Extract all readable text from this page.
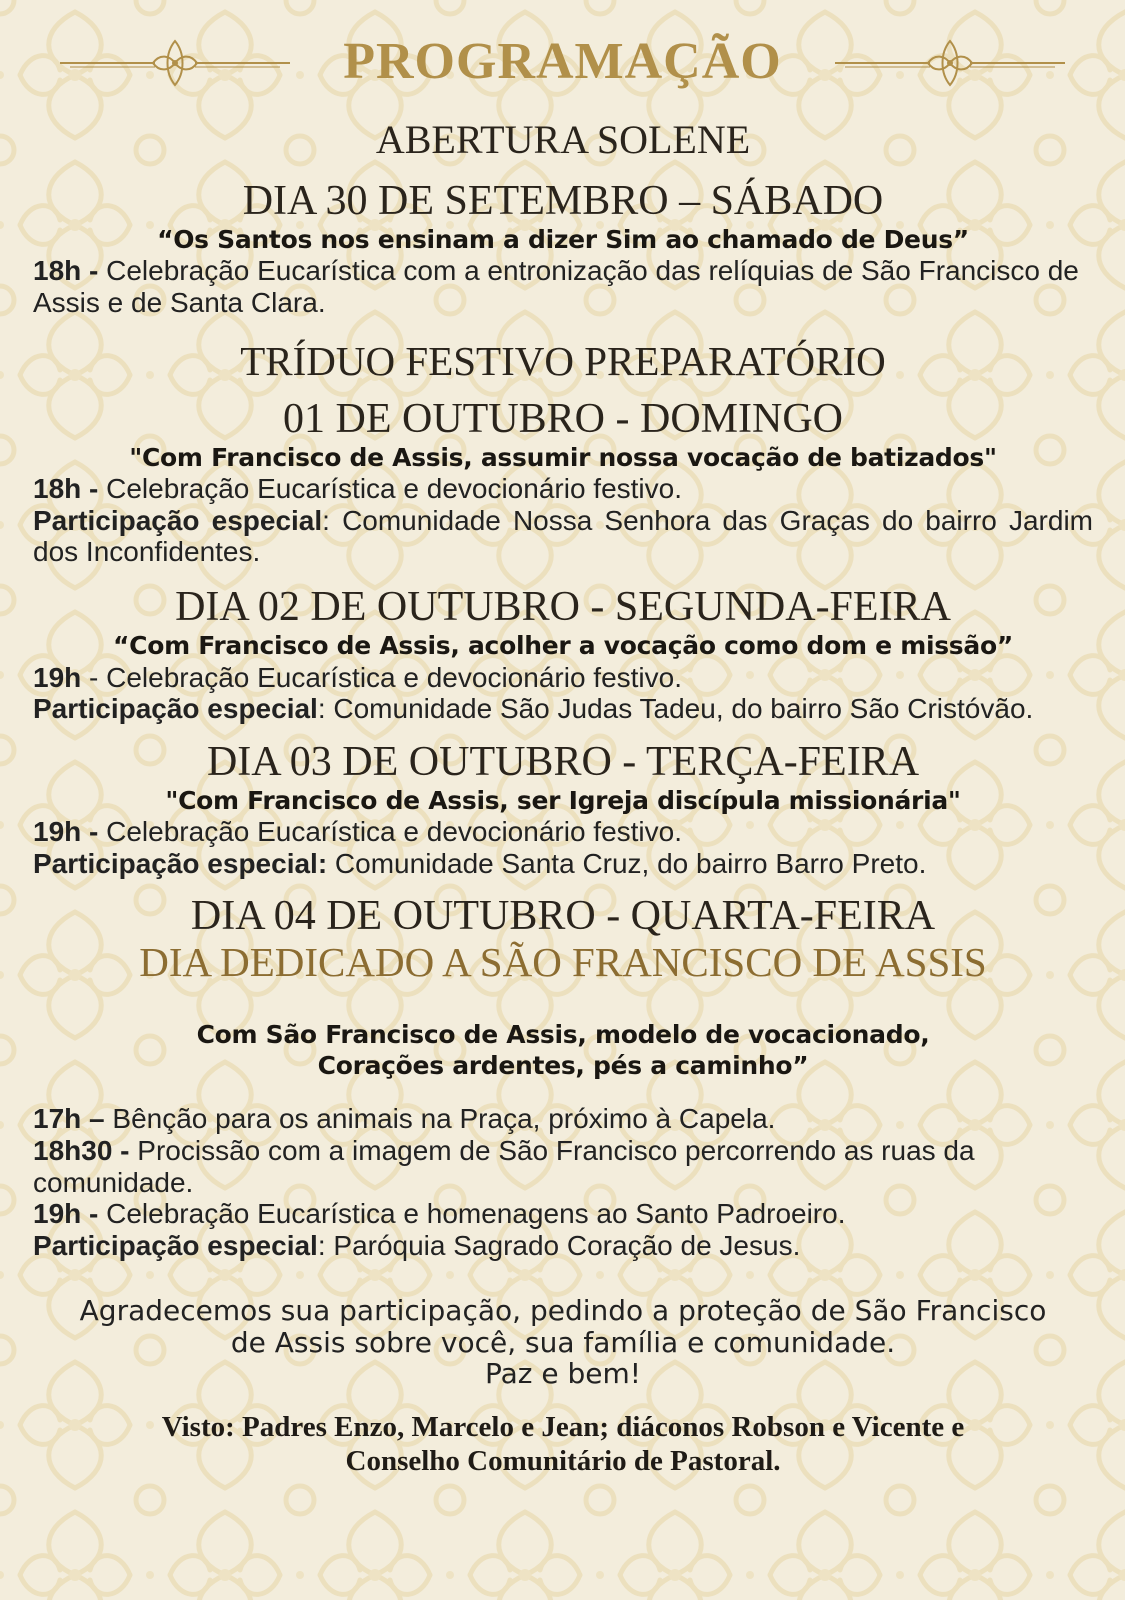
PROGRAMAÇÃO

ABERTURA SOLENE

DIA 30 DE SETEMBRO – SÁBADO

“Os Santos nos ensinam a dizer Sim ao chamado de Deus”

18h - Celebração Eucarística com a entronização das relíquias de São Francisco de Assis e de Santa Clara.

TRÍDUO FESTIVO PREPARATÓRIO

01 DE OUTUBRO - DOMINGO

"Com Francisco de Assis, assumir nossa vocação de batizados"

18h - Celebração Eucarística e devocionário festivo.

Participação especial: Comunidade Nossa Senhora das Graças do bairro Jardim dos Inconfidentes.

DIA 02 DE OUTUBRO - SEGUNDA-FEIRA

“Com Francisco de Assis, acolher a vocação como dom e missão”

19h - Celebração Eucarística e devocionário festivo.

Participação especial: Comunidade São Judas Tadeu, do bairro São Cristóvão.

DIA 03 DE OUTUBRO - TERÇA-FEIRA

"Com Francisco de Assis, ser Igreja discípula missionária"

19h - Celebração Eucarística e devocionário festivo.

Participação especial: Comunidade Santa Cruz, do bairro Barro Preto.

DIA 04 DE OUTUBRO - QUARTA-FEIRA

DIA DEDICADO A SÃO FRANCISCO DE ASSIS

Com São Francisco de Assis, modelo de vocacionado,

Corações ardentes, pés a caminho”

17h – Bênção para os animais na Praça, próximo à Capela.

18h30 - Procissão com a imagem de São Francisco percorrendo as ruas da comunidade.

19h - Celebração Eucarística e homenagens ao Santo Padroeiro.

Participação especial: Paróquia Sagrado Coração de Jesus.

Agradecemos sua participação, pedindo a proteção de São Francisco

de Assis sobre você, sua família e comunidade.

Paz e bem!

Visto: Padres Enzo, Marcelo e Jean; diáconos Robson e Vicente e

Conselho Comunitário de Pastoral.
